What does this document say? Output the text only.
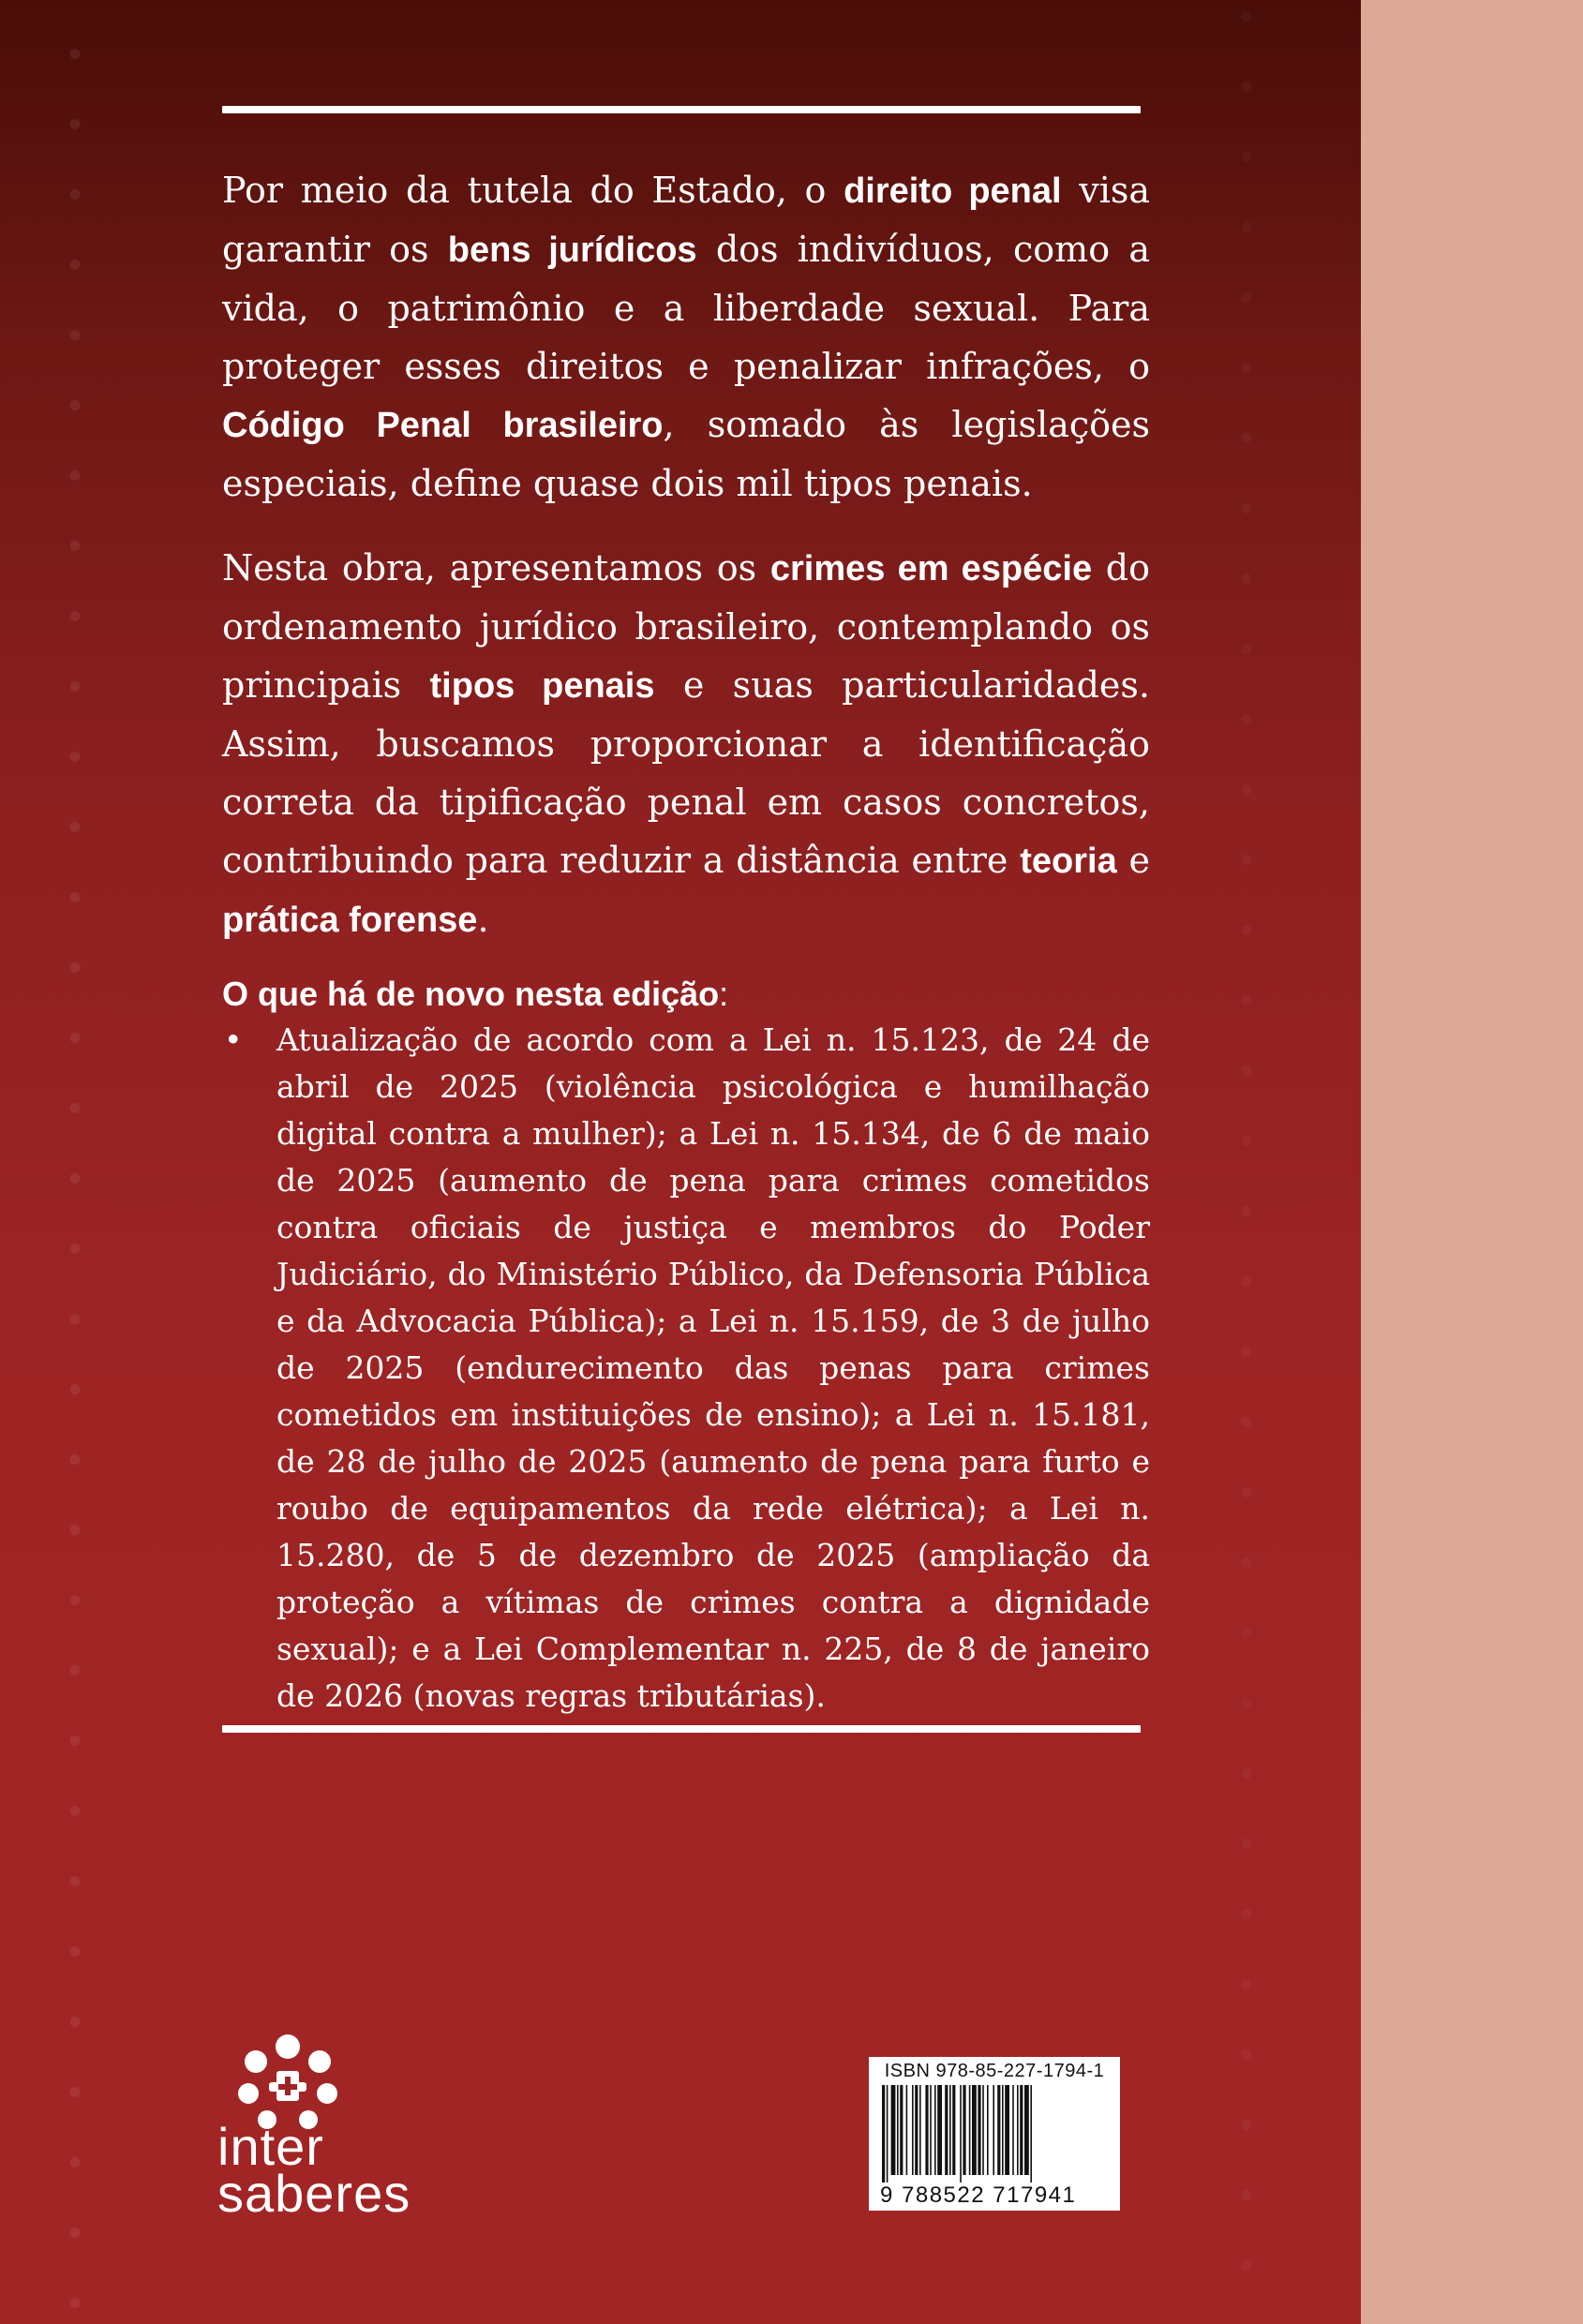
Por meio da tutela do Estado, o direito penal visa garantir os bens jurídicos dos indivíduos, como a vida, o patrimônio e a liberdade sexual. Para proteger esses direitos e penalizar infrações, o Código Penal brasileiro, somado às legislações especiais, define quase dois mil tipos penais.

Nesta obra, apresentamos os crimes em espécie do ordenamento jurídico brasileiro, contemplando os principais tipos penais e suas particularidades. Assim, buscamos proporcionar a identificação correta da tipificação penal em casos concretos, contribuindo para reduzir a distância entre teoria e prática forense.

O que há de novo nesta edição:

• Atualização de acordo com a Lei n. 15.123, de 24 de abril de 2025 (violência psicológica e humilhação digital contra a mulher); a Lei n. 15.134, de 6 de maio de 2025 (aumento de pena para crimes cometidos contra oficiais de justiça e membros do Poder Judiciário, do Ministério Público, da Defensoria Pública e da Advocacia Pública); a Lei n. 15.159, de 3 de julho de 2025 (endurecimento das penas para crimes cometidos em instituições de ensino); a Lei n. 15.181, de 28 de julho de 2025 (aumento de pena para furto e roubo de equipamentos da rede elétrica); a Lei n. 15.280, de 5 de dezembro de 2025 (ampliação da proteção a vítimas de crimes contra a dignidade sexual); e a Lei Complementar n. 225, de 8 de janeiro de 2026 (novas regras tributárias).
inter
saberes
ISBN 978-85-227-1794-1
9 788522 717941
